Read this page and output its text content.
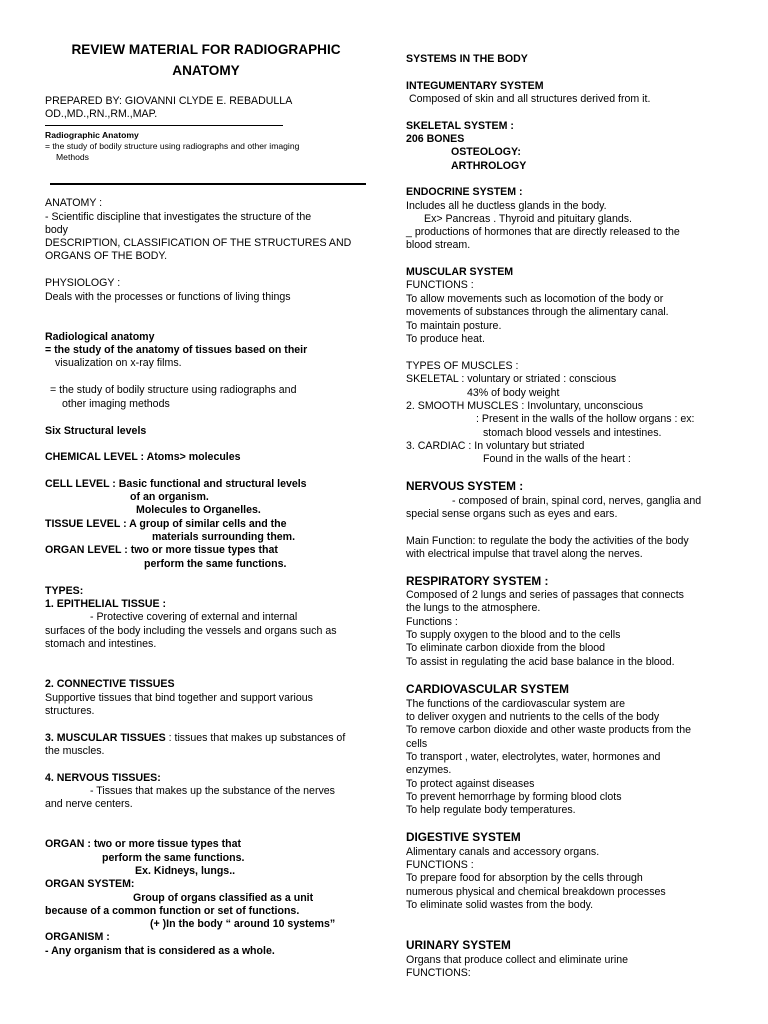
REVIEW MATERIAL FOR RADIOGRAPHIC
ANATOMY
PREPARED BY: GIOVANNI CLYDE E. REBADULLA
OD.,MD.,RN.,RM.,MAP.
Radiographic Anatomy
= the study of bodily structure using radiographs and other imaging
Methods
ANATOMY :
- Scientific discipline that investigates the structure of the
body
DESCRIPTION, CLASSIFICATION OF THE STRUCTURES AND
ORGANS OF THE BODY.
PHYSIOLOGY :
Deals with the processes or functions of living things
Radiological anatomy
= the study of the anatomy of tissues based on their
visualization on x-ray films.
= the study of bodily structure using radiographs and
other imaging methods
Six Structural levels
CHEMICAL LEVEL : Atoms> molecules
CELL LEVEL : Basic functional and structural levels
of an organism.
Molecules to Organelles.
TISSUE LEVEL : A group of similar cells and the
materials surrounding them.
ORGAN LEVEL : two or more tissue types that
perform the same functions.
TYPES:
1. EPITHELIAL TISSUE :
- Protective covering of external and internal
surfaces of the body including the vessels and organs such as
stomach and intestines.
2. CONNECTIVE TISSUES
Supportive tissues that bind together and support various
structures.
3. MUSCULAR TISSUES : tissues that makes up substances of
the muscles.
4. NERVOUS TISSUES:
- Tissues that makes up the substance of the nerves
and nerve centers.
ORGAN : two or more tissue types that
perform the same functions.
Ex. Kidneys, lungs..
ORGAN SYSTEM:
Group of organs classified as a unit
because of a common function or set of functions.
(+ )In the body “ around 10 systems”
ORGANISM :
- Any organism that is considered as a whole.
SYSTEMS IN THE BODY
INTEGUMENTARY SYSTEM
Composed of skin and all structures derived from it.
SKELETAL SYSTEM :
206 BONES
OSTEOLOGY:
ARTHROLOGY
ENDOCRINE SYSTEM :
Includes all he ductless glands in the body.
Ex> Pancreas . Thyroid and pituitary glands.
_ productions of hormones that are directly released to the
blood stream.
MUSCULAR SYSTEM
FUNCTIONS :
To allow movements such as locomotion of the body or
movements of substances through the alimentary canal.
To maintain posture.
To produce heat.
TYPES OF MUSCLES :
SKELETAL : voluntary or striated : conscious
43% of body weight
2. SMOOTH MUSCLES : Involuntary, unconscious
: Present in the walls of the hollow organs : ex:
stomach blood vessels and intestines.
3. CARDIAC : In voluntary but striated
Found in the walls of the heart :
NERVOUS SYSTEM :
- composed of brain, spinal cord, nerves, ganglia and
special sense organs such as eyes and ears.
Main Function: to regulate the body the activities of the body
with electrical impulse that travel along the nerves.
RESPIRATORY SYSTEM :
Composed of 2 lungs and series of passages that connects
the lungs to the atmosphere.
Functions :
To supply oxygen to the blood and to the cells
To eliminate carbon dioxide from the blood
To assist in regulating the acid base balance in the blood.
CARDIOVASCULAR SYSTEM
The functions of the cardiovascular system are
to deliver oxygen and nutrients to the cells of the body
To remove carbon dioxide and other waste products from the
cells
To transport , water, electrolytes, water, hormones and
enzymes.
To protect against diseases
To prevent hemorrhage by forming blood clots
To help regulate body temperatures.
DIGESTIVE SYSTEM
Alimentary canals and accessory organs.
FUNCTIONS :
To prepare food for absorption by the cells through
numerous physical and chemical breakdown processes
To eliminate solid wastes from the body.
URINARY SYSTEM
Organs that produce collect and eliminate urine
FUNCTIONS:
